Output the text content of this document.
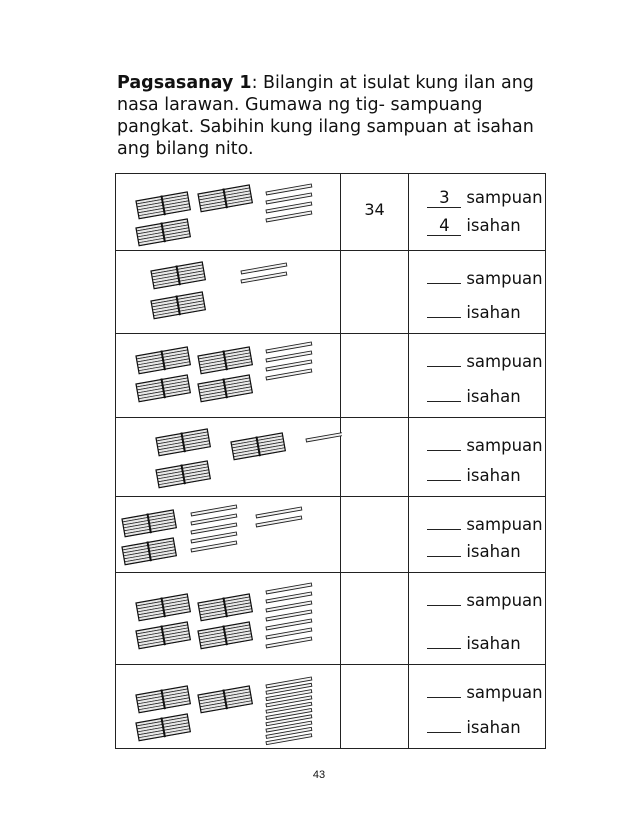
Pagsasanay 1: Bilangin at isulat kung ilan ang nasa larawan. Gumawa ng tig- sampuang pangkat. Sabihin kung ilang sampuan at isahan ang bilang nito.

34	3 sampuan
4 isahan

sampuan
isahan

sampuan
isahan

sampuan
isahan

sampuan
isahan

sampuan
isahan

sampuan
isahan
43
